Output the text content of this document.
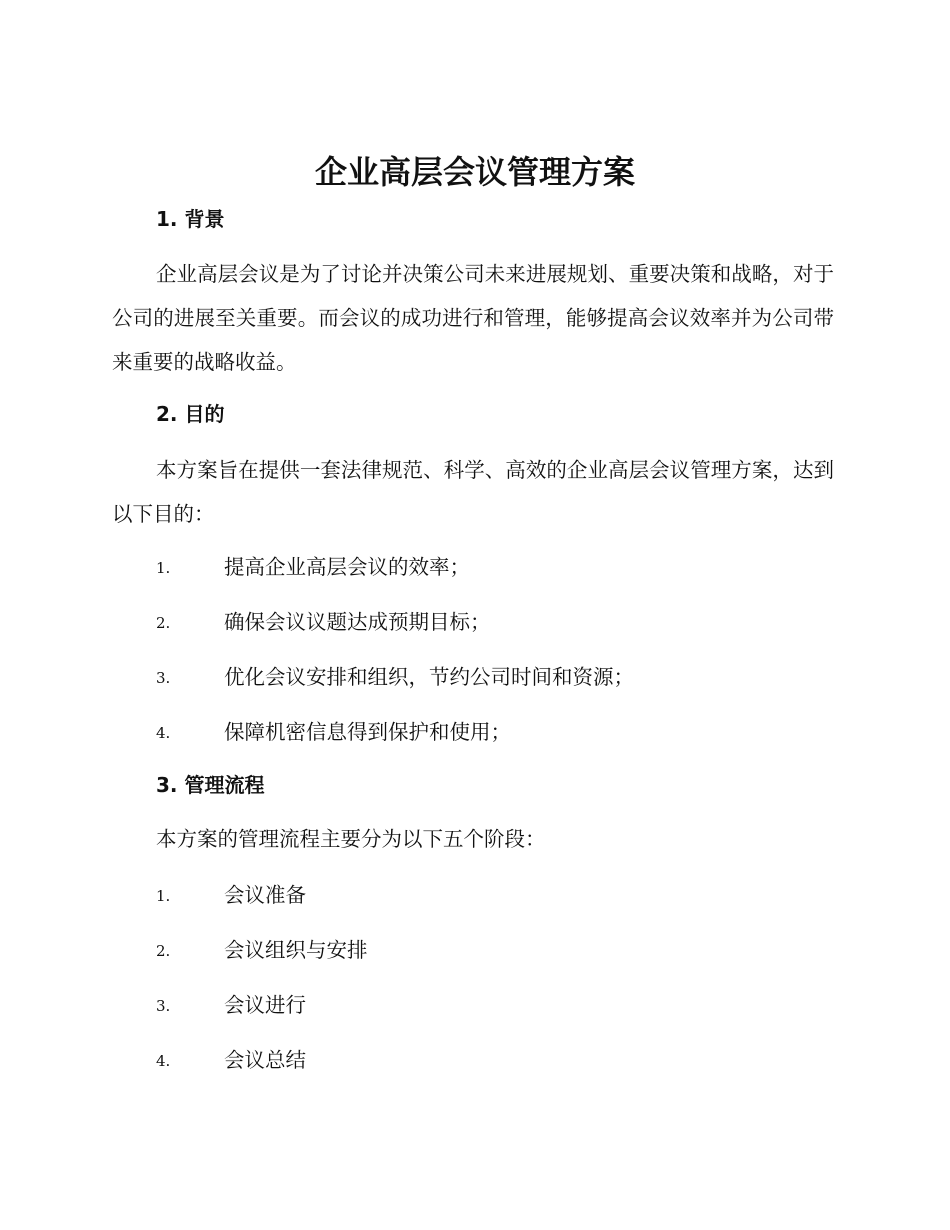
企业高层会议管理方案
1. 背景

企业高层会议是为了讨论并决策公司未来进展规划、重要决策和战略，对于公司的进展至关重要。而会议的成功进行和管理，能够提高会议效率并为公司带来重要的战略收益。

2. 目的

本方案旨在提供一套法律规范、科学、高效的企业高层会议管理方案，达到以下目的：

1.	提高企业高层会议的效率；
2.	确保会议议题达成预期目标；
3.	优化会议安排和组织，节约公司时间和资源；
4.	保障机密信息得到保护和使用；
3. 管理流程

本方案的管理流程主要分为以下五个阶段：

1.	会议准备
2.	会议组织与安排
3.	会议进行
4.	会议总结
